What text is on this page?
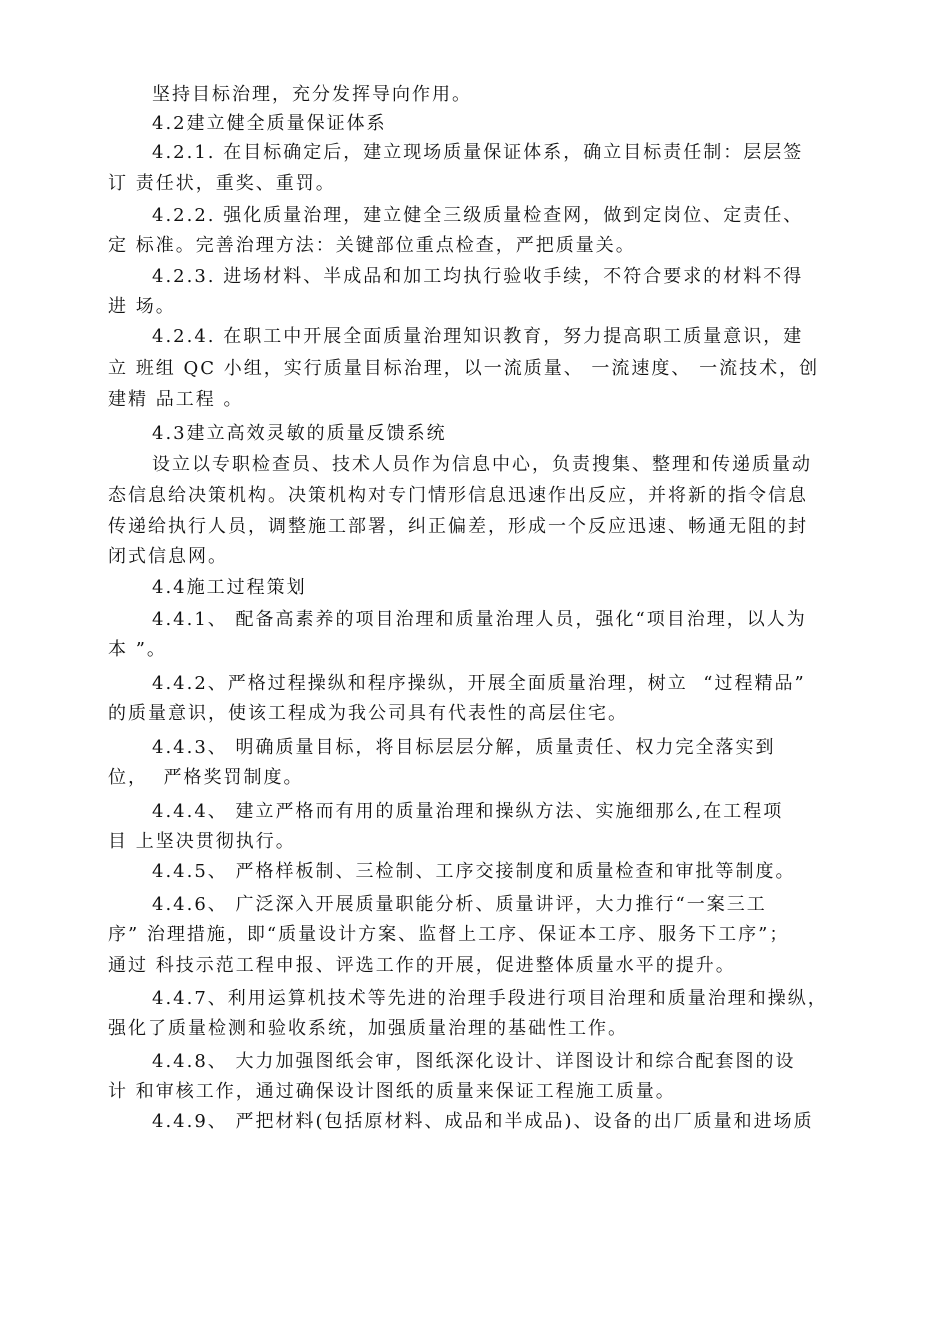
坚持目标治理，充分发挥导向作用。
4.2建立健全质量保证体系
4.2.1. 在目标确定后，建立现场质量保证体系，确立目标责任制：层层签
订 责任状，重奖、重罚。
4.2.2. 强化质量治理，建立健全三级质量检查网，做到定岗位、定责任、
定 标准。完善治理方法：关键部位重点检查，严把质量关。
4.2.3. 进场材料、半成品和加工均执行验收手续，不符合要求的材料不得
进 场。
4.2.4. 在职工中开展全面质量治理知识教育，努力提高职工质量意识，建
立 班组 QC 小组，实行质量目标治理，以一流质量、 一流速度、 一流技术，创
建精 品工程 。
4.3建立高效灵敏的质量反馈系统
设立以专职检查员、技术人员作为信息中心，负责搜集、整理和传递质量动
态信息给决策机构。决策机构对专门情形信息迅速作出反应，并将新的指令信息
传递给执行人员，调整施工部署，纠正偏差，形成一个反应迅速、畅通无阻的封
闭式信息网。
4.4施工过程策划
4.4.1、 配备高素养的项目治理和质量治理人员，强化“项目治理，以人为
本 ”。
4.4.2、严格过程操纵和程序操纵，开展全面质量治理，树立  “过程精品”
的质量意识，使该工程成为我公司具有代表性的高层住宅。
4.4.3、 明确质量目标，将目标层层分解，质量责任、权力完全落实到
位，  严格奖罚制度。
4.4.4、 建立严格而有用的质量治理和操纵方法、实施细那么,在工程项
目 上坚决贯彻执行。
4.4.5、 严格样板制、三检制、工序交接制度和质量检查和审批等制度。
4.4.6、 广泛深入开展质量职能分析、质量讲评，大力推行“一案三工
序” 治理措施，即“质量设计方案、监督上工序、保证本工序、服务下工序”；
通过 科技示范工程申报、评选工作的开展，促进整体质量水平的提升。
4.4.7、利用运算机技术等先进的治理手段进行项目治理和质量治理和操纵，
强化了质量检测和验收系统，加强质量治理的基础性工作。
4.4.8、 大力加强图纸会审，图纸深化设计、详图设计和综合配套图的设
计 和审核工作，通过确保设计图纸的质量来保证工程施工质量。
4.4.9、 严把材料(包括原材料、成品和半成品)、设备的出厂质量和进场质
